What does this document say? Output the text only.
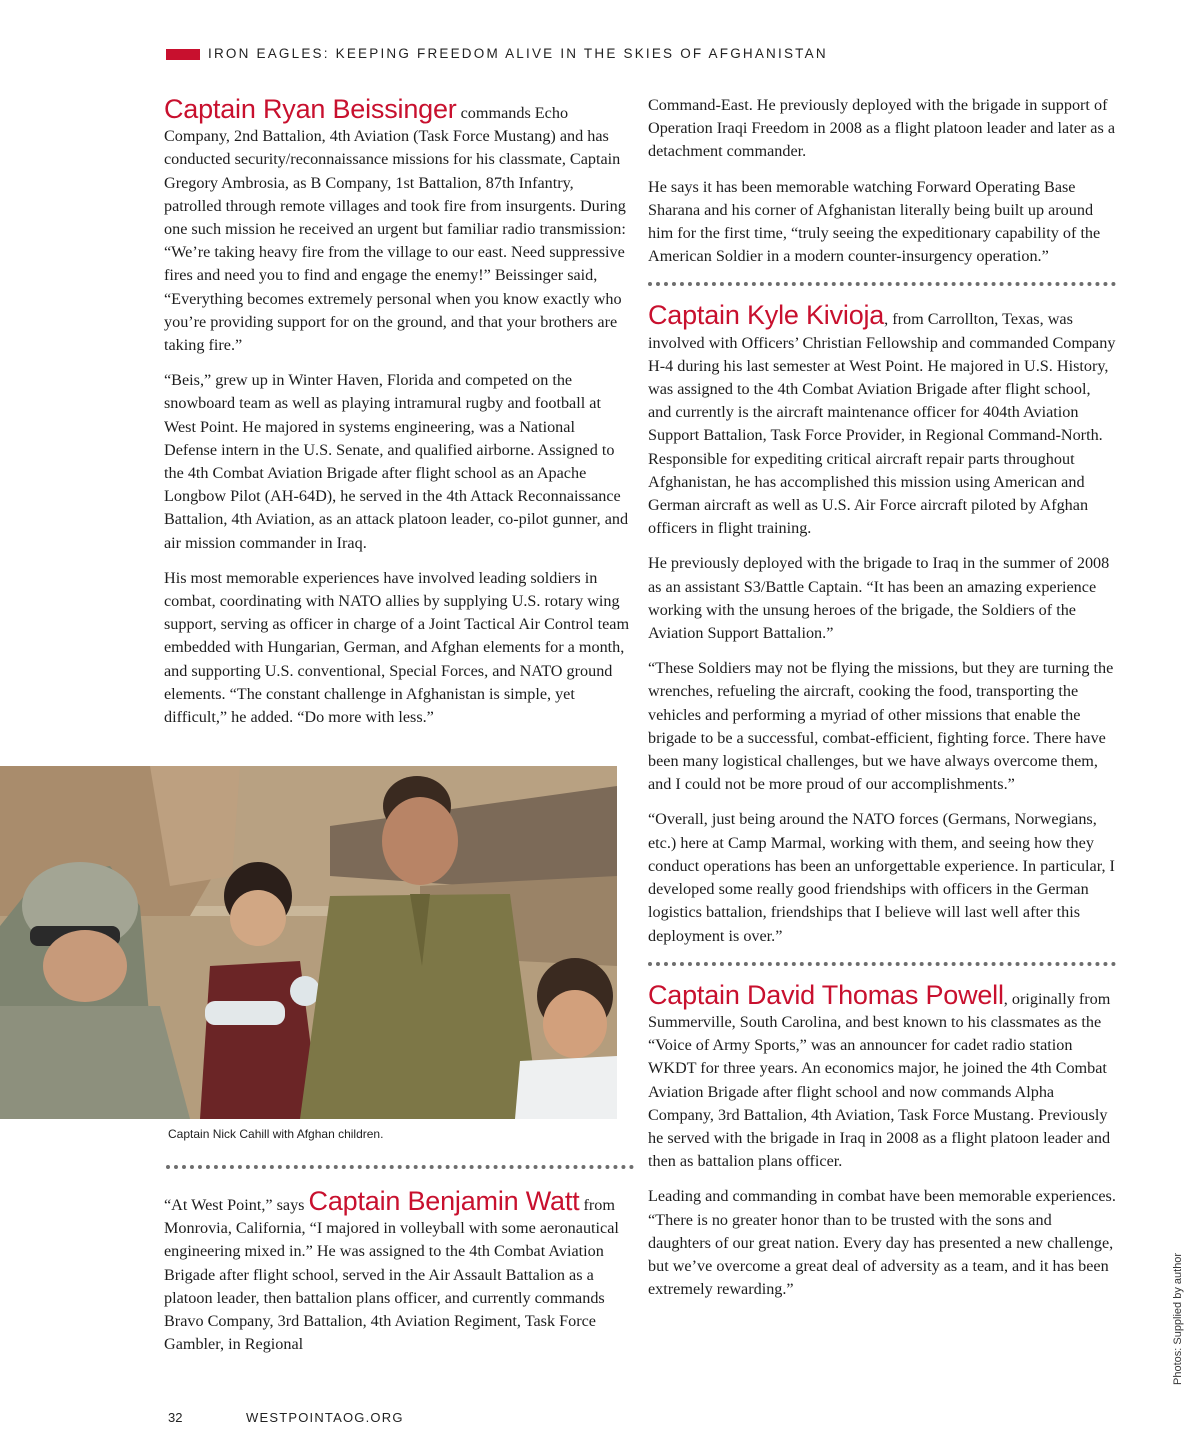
IRON EAGLES: KEEPING FREEDOM ALIVE IN THE SKIES OF AFGHANISTAN

Captain Ryan Beissinger commands Echo Company, 2nd Battalion, 4th Aviation (Task Force Mustang) and has conducted security/reconnaissance missions for his classmate, Captain Gregory Ambrosia, as B Company, 1st Battalion, 87th Infantry, patrolled through remote villages and took fire from insurgents. During one such mission he received an urgent but familiar radio transmission: “We’re taking heavy fire from the village to our east. Need suppressive fires and need you to find and engage the enemy!” Beissinger said, “Everything becomes extremely personal when you know exactly who you’re providing support for on the ground, and that your brothers are taking fire.”

“Beis,” grew up in Winter Haven, Florida and competed on the snowboard team as well as playing intramural rugby and football at West Point. He majored in systems engineering, was a National Defense intern in the U.S. Senate, and qualified airborne. Assigned to the 4th Combat Aviation Brigade after flight school as an Apache Longbow Pilot (AH-64D), he served in the 4th Attack Reconnaissance Battalion, 4th Aviation, as an attack platoon leader, co-pilot gunner, and air mission commander in Iraq.

His most memorable experiences have involved leading soldiers in combat, coordinating with NATO allies by supplying U.S. rotary wing support, serving as officer in charge of a Joint Tactical Air Control team embedded with Hungarian, German, and Afghan elements for a month, and supporting U.S. conventional, Special Forces, and NATO ground elements. “The constant challenge in Afghanistan is simple, yet difficult,” he added. “Do more with less.”

Captain Nick Cahill with Afghan children.

“At West Point,” says Captain Benjamin Watt from Monrovia, California, “I majored in volleyball with some aeronautical engineering mixed in.” He was assigned to the 4th Combat Aviation Brigade after flight school, served in the Air Assault Battalion as a platoon leader, then battalion plans officer, and currently commands Bravo Company, 3rd Battalion, 4th Aviation Regiment, Task Force Gambler, in Regional

Command-East. He previously deployed with the brigade in support of Operation Iraqi Freedom in 2008 as a flight platoon leader and later as a detachment commander.

He says it has been memorable watching Forward Operating Base Sharana and his corner of Afghanistan literally being built up around him for the first time, “truly seeing the expeditionary capability of the American Soldier in a modern counter-insurgency operation.”

Captain Kyle Kivioja, from Carrollton, Texas, was involved with Officers’ Christian Fellowship and commanded Company H-4 during his last semester at West Point. He majored in U.S. History, was assigned to the 4th Combat Aviation Brigade after flight school, and currently is the aircraft maintenance officer for 404th Aviation Support Battalion, Task Force Provider, in Regional Command-North. Responsible for expediting critical aircraft repair parts throughout Afghanistan, he has accomplished this mission using American and German aircraft as well as U.S. Air Force aircraft piloted by Afghan officers in flight training.

He previously deployed with the brigade to Iraq in the summer of 2008 as an assistant S3/Battle Captain. “It has been an amazing experience working with the unsung heroes of the brigade, the Soldiers of the Aviation Support Battalion.”

“These Soldiers may not be flying the missions, but they are turning the wrenches, refueling the aircraft, cooking the food, transporting the vehicles and performing a myriad of other missions that enable the brigade to be a successful, combat-efficient, fighting force. There have been many logistical challenges, but we have always overcome them, and I could not be more proud of our accomplishments.”

“Overall, just being around the NATO forces (Germans, Norwegians, etc.) here at Camp Marmal, working with them, and seeing how they conduct operations has been an unforgettable experience. In particular, I developed some really good friendships with officers in the German logistics battalion, friendships that I believe will last well after this deployment is over.”

Captain David Thomas Powell, originally from Summerville, South Carolina, and best known to his classmates as the “Voice of Army Sports,” was an announcer for cadet radio station WKDT for three years. An economics major, he joined the 4th Combat Aviation Brigade after flight school and now commands Alpha Company, 3rd Battalion, 4th Aviation, Task Force Mustang. Previously he served with the brigade in Iraq in 2008 as a flight platoon leader and then as battalion plans officer.

Leading and commanding in combat have been memorable experiences. “There is no greater honor than to be trusted with the sons and daughters of our great nation. Every day has presented a new challenge, but we’ve overcome a great deal of adversity as a team, and it has been extremely rewarding.”

32	WESTPOINTAOG.ORG
Photos: Supplied by author
